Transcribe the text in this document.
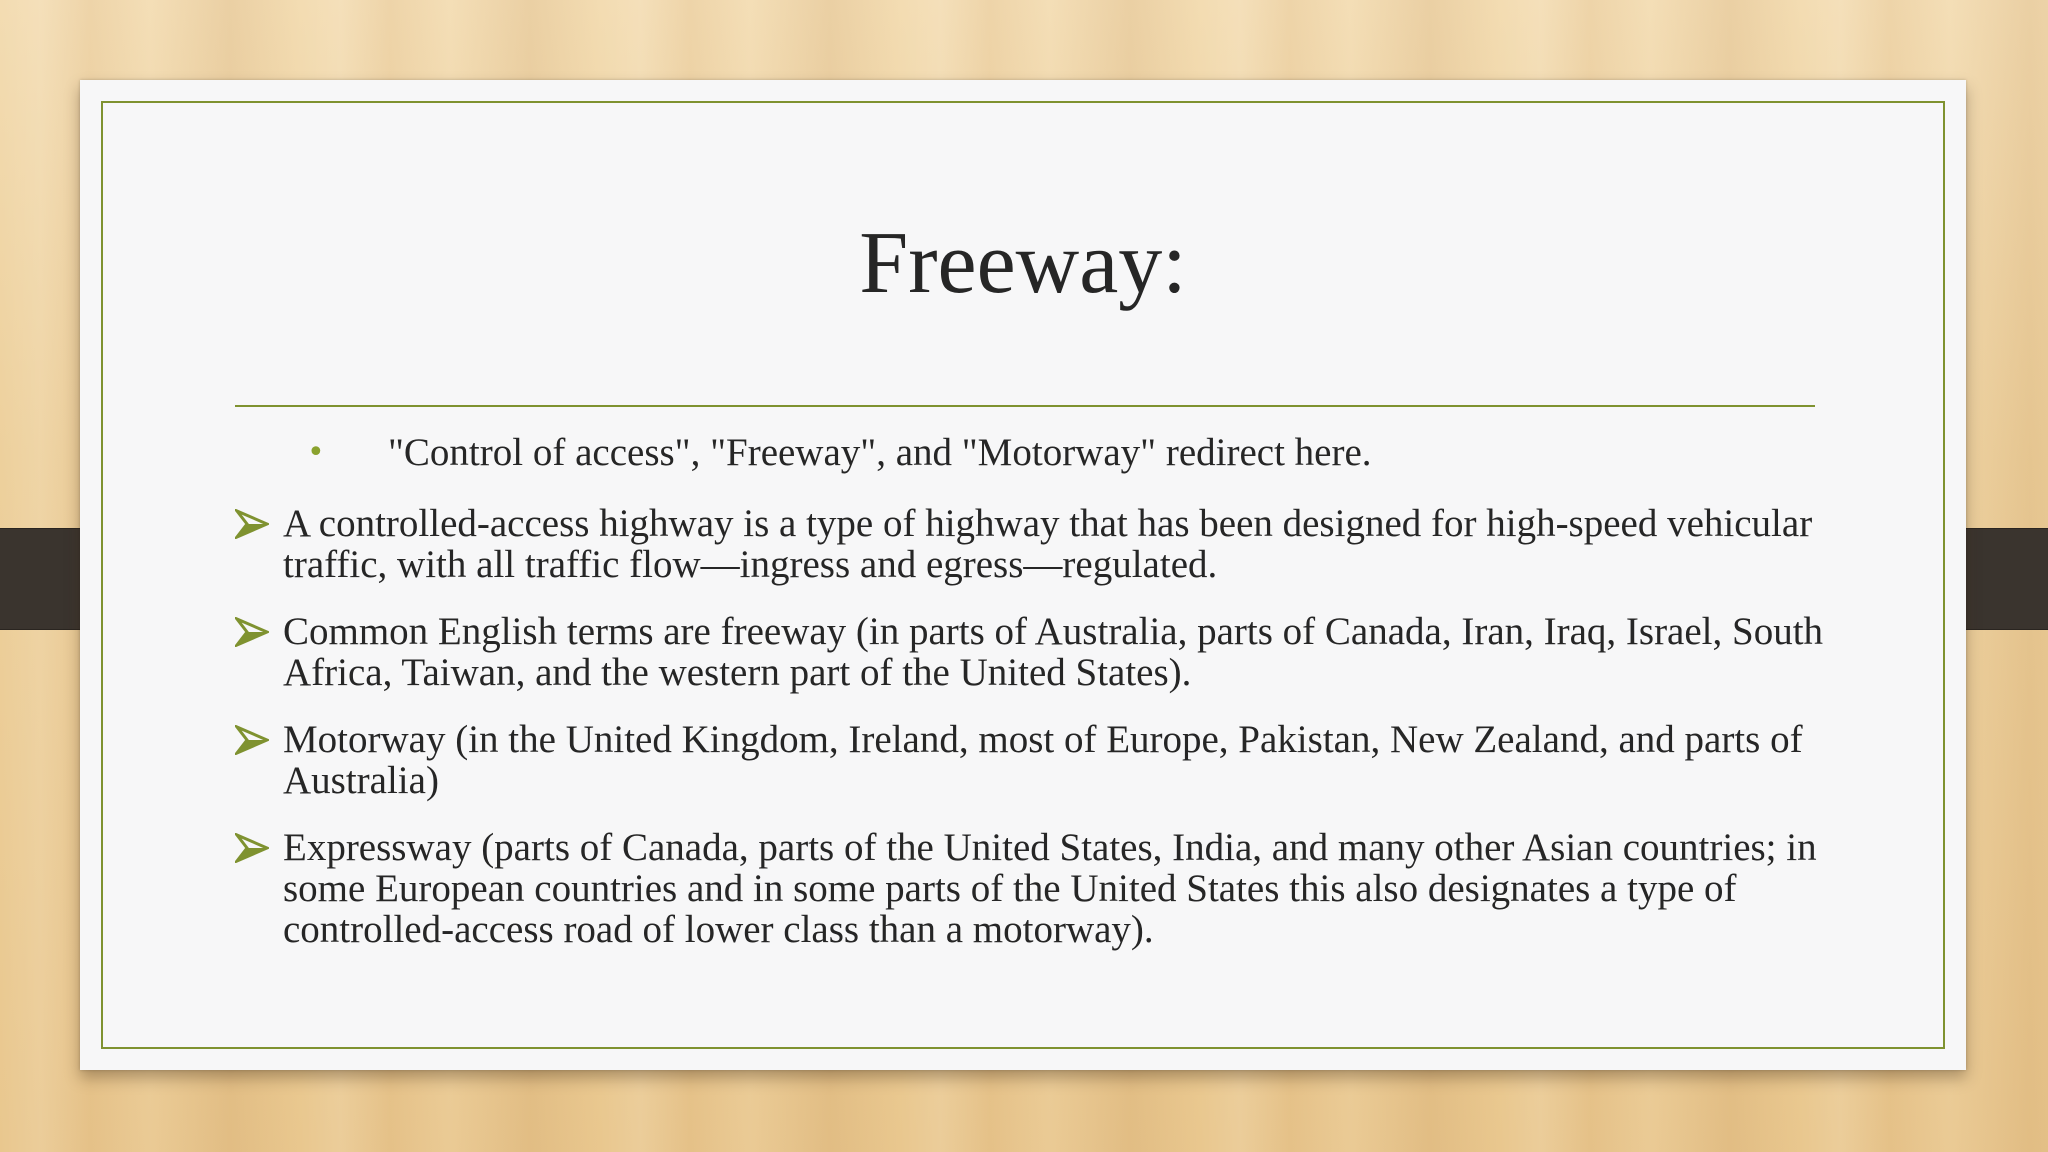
Freeway:
• "Control of access", "Freeway", and "Motorway" redirect here.
A controlled-access highway is a type of highway that has been designed for high-speed vehicular traffic, with all traffic flow—ingress and egress—regulated.
Common English terms are freeway (in parts of Australia, parts of Canada, Iran, Iraq, Israel, South Africa, Taiwan, and the western part of the United States).
Motorway (in the United Kingdom, Ireland, most of Europe, Pakistan, New Zealand, and parts of Australia)
Expressway (parts of Canada, parts of the United States, India, and many other Asian countries; in some European countries and in some parts of the United States this also designates a type of controlled-access road of lower class than a motorway).
